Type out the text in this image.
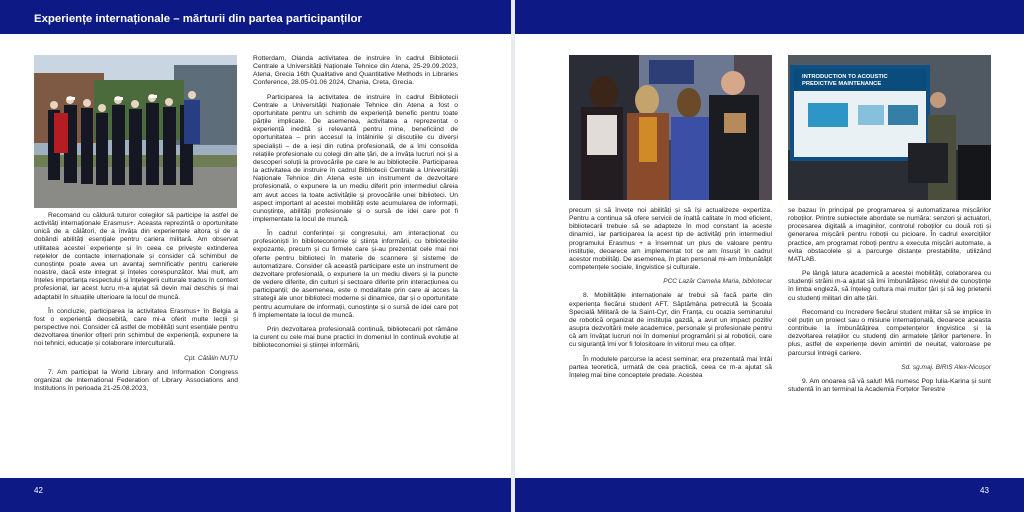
Experiențe internaționale – mărturii din partea participanților
42	43
INTRODUCTION TO ACOUSTIC
PREDICTIVE MAINTENANCE

Recomand cu căldură tuturor colegilor să participe la astfel de activități internaționale Erasmus+. Aceasta reprezintă o oportunitate unică de a călători, de a învăța din experiențele altora și de a dobândi abilități esențiale pentru cariera militară. Am observat utilitatea acestei experiențe și în ceea ce privește extinderea rețelelor de contacte internaționale și consider că schimbul de cunoștințe poate avea un avantaj semnificativ pentru carierele noastre, dacă este integrat și înțeles corespunzător. Mai mult, am înțeles importanța respectului și înțelegerii culturale tradus în context profesional, iar acest lucru m-a ajutat să devin mai deschis și mai adaptabil în situațiile ulterioare la locul de muncă.

În concluzie, participarea la activitatea Erasmus+ în Belgia a fost o experiență deosebită, care mi-a oferit multe lecții și perspective noi. Consider că astfel de mobilități sunt esențiale pentru dezvoltarea tinerilor ofițeri prin schimbul de experiență, expunere la noi tehnici, educație și colaborare interculturală.

Cpt. Cătălin NUȚU

7. Am participat la World Library and Information Congress organizat de International Federation of Library Associations and Institutions în perioada 21-25.08.2023,

Rotterdam, Olanda activitatea de instruire în cadrul Bibliotecii Centrale a Universității Naționale Tehnice din Atena, 25-29.09.2023, Atena, Grecia 16th Qualitative and Quantitative Methods in Libraries Conference, 28.05-01.06 2024, Chania, Creta, Grecia.

Participarea la activitatea de instruire în cadrul Bibliotecii Centrale a Universității Naționale Tehnice din Atena a fost o oportunitate pentru un schimb de experiență benefic pentru toate părțile implicate. De asemenea, activitatea a reprezentat o experiență inedită și relevantă pentru mine, beneficiind de oportunitatea – prin accesul la întâlnirile și discuțiile cu diverși specialiști – de a ieși din rutina profesională, de a îmi consolida relațiile profesionale cu colegi din alte țări, de a învăța lucruri noi și a descoperi soluții la provocările pe care le au bibliotecile. Participarea la activitatea de instruire în cadrul Bibliotecii Centrale a Universității Naționale Tehnice din Atena este un instrument de dezvoltare profesională, o expunere la un mediu diferit prin intermediul căreia am avut acces la toate activitățile și provocările unei biblioteci. Un aspect important al acestei mobilități este acumularea de informații, cunoștințe, abilități profesionale și o sursă de idei care pot fi implementate la locul de muncă.

În cadrul conferinței și congresului, am interacționat cu profesioniști în biblioteconomie și știința informării, cu biblioteciile expozante, precum și cu firmele care și-au prezentat cele mai noi oferte pentru biblioteci în materie de scannere și sisteme de automatizare. Consider că această participare este un instrument de dezvoltare profesională, o expunere la un mediu divers și la puncte de vedere diferite, din culturi și sectoare diferite prin interacțiunea cu participanții; de asemenea, este o modalitate prin care ai acces la strategii ale unor biblioteci moderne și dinamice, dar și o oportunitate pentru acumulare de informații, cunoștințe și o sursă de idei care pot fi implementate la locul de muncă.

Prin dezvoltarea profesională continuă, bibliotecarii pot rămâne la curent cu cele mai bune practici în domeniul în continuă evoluție al biblioteconomiei și științei informării,

precum și să învețe noi abilități și să își actualizeze expertiza. Pentru a continua să ofere servicii de înaltă calitate în mod eficient, bibliotecarii trebuie să se adapteze în mod constant la aceste dinamici, iar participarea la acest tip de activități prin intermediul programului Erasmus + a însemnat un plus de valoare pentru instituție, deoarece am implementat tot ce am însușit în cadrul acestor mobilități. De asemenea, în plan personal mi-am îmbunătățit competențele sociale, lingvistice și culturale.

PCC Lazăr Camelia Maria, bibliotecar

8. Mobilitățile internaționale ar trebui să facă parte din experiența fiecărui student AFT. Săptămâna petrecută la Școala Specială Militară de la Saint-Cyr, din Franța, cu ocazia seminarului de robotică organizat de instituția gazdă, a avut un impact pozitiv asupra dezvoltării mele academice, personale și profesionale pentru că am învățat lucruri noi în domeniul programării și al roboticii, care cu siguranță îmi vor fi folositoare în viitorul meu ca ofițer.

În modulele parcurse la acest seminar, era prezentată mai întâi partea teoretică, urmată de cea practică, ceea ce m-a ajutat să înțeleg mai bine conceptele predate. Acestea

se bazau în principal pe programarea și automatizarea mișcărilor roboților. Printre subiectele abordate se număra: senzori și actuatori, procesarea digitală a imaginilor, controlul roboților cu două roți și generarea mișcării pentru roboții cu picioare. În cadrul exercițiilor practice, am programat roboți pentru a executa mișcări automate, a evita obstacolele și a parcurge distanțe prestabilite, utilizând MATLAB.

Pe lângă latura academică a acestei mobilități, colaborarea cu studenții străini m-a ajutat să îmi îmbunătățesc nivelul de cunoștințe în limba engleză, să înțeleg cultura mai multor țări și să leg prietenii cu studenți militari din alte țări.

Recomand cu încredere fiecărui student militar să se implice în cel puțin un proiect sau o misiune internațională, deoarece aceasta contribuie la îmbunătățirea competențelor lingvistice și la dezvoltarea relațiilor cu studenți din armatele țărilor partenere. În plus, astfel de experiențe devin amintiri de neuitat, valoroase pe parcursul întregii cariere.

Sd. sg.maj. BIRIȘ Alex-Nicușor

9. Am onoarea să vă salut! Mă numesc Pop Iulia-Karina și sunt studentă în an terminal la Academia Forțelor Terestre
